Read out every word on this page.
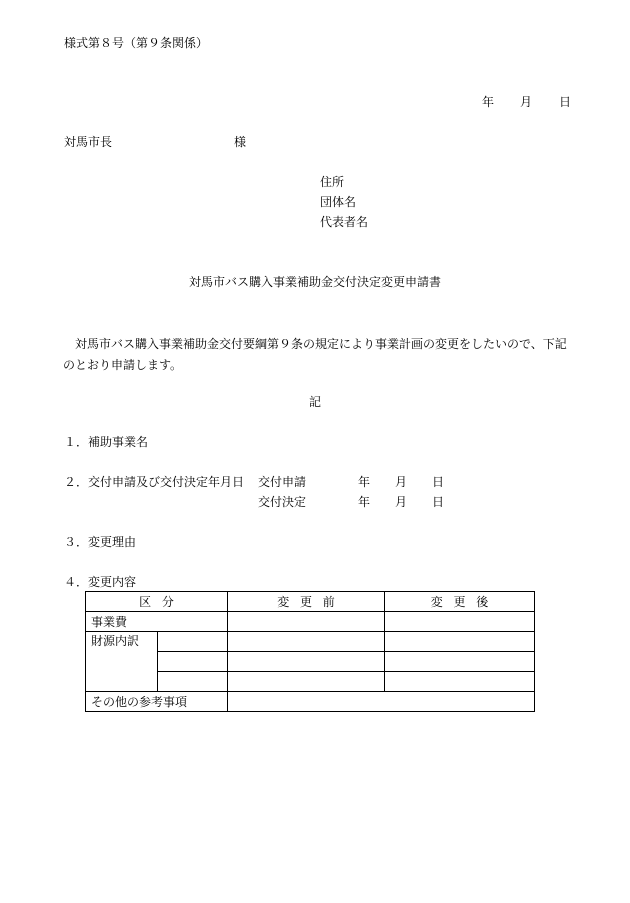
様式第８号（第９条関係）
年 月 日
対馬市長	様
住所
団体名
代表者名
対馬市バス購入事業補助金交付決定変更申請書
対馬市バス購入事業補助金交付要綱第９条の規定により事業計画の変更をしたいので、下記のとおり申請します。
記
１． 補助事業名
２． 交付申請及び交付決定年月日 交付申請	年 月 日
交付決定	年 月 日
３． 変更理由
４． 変更内容
区分		変更前	変更後
事業費			
財源内訳			

その他の参考事項			
